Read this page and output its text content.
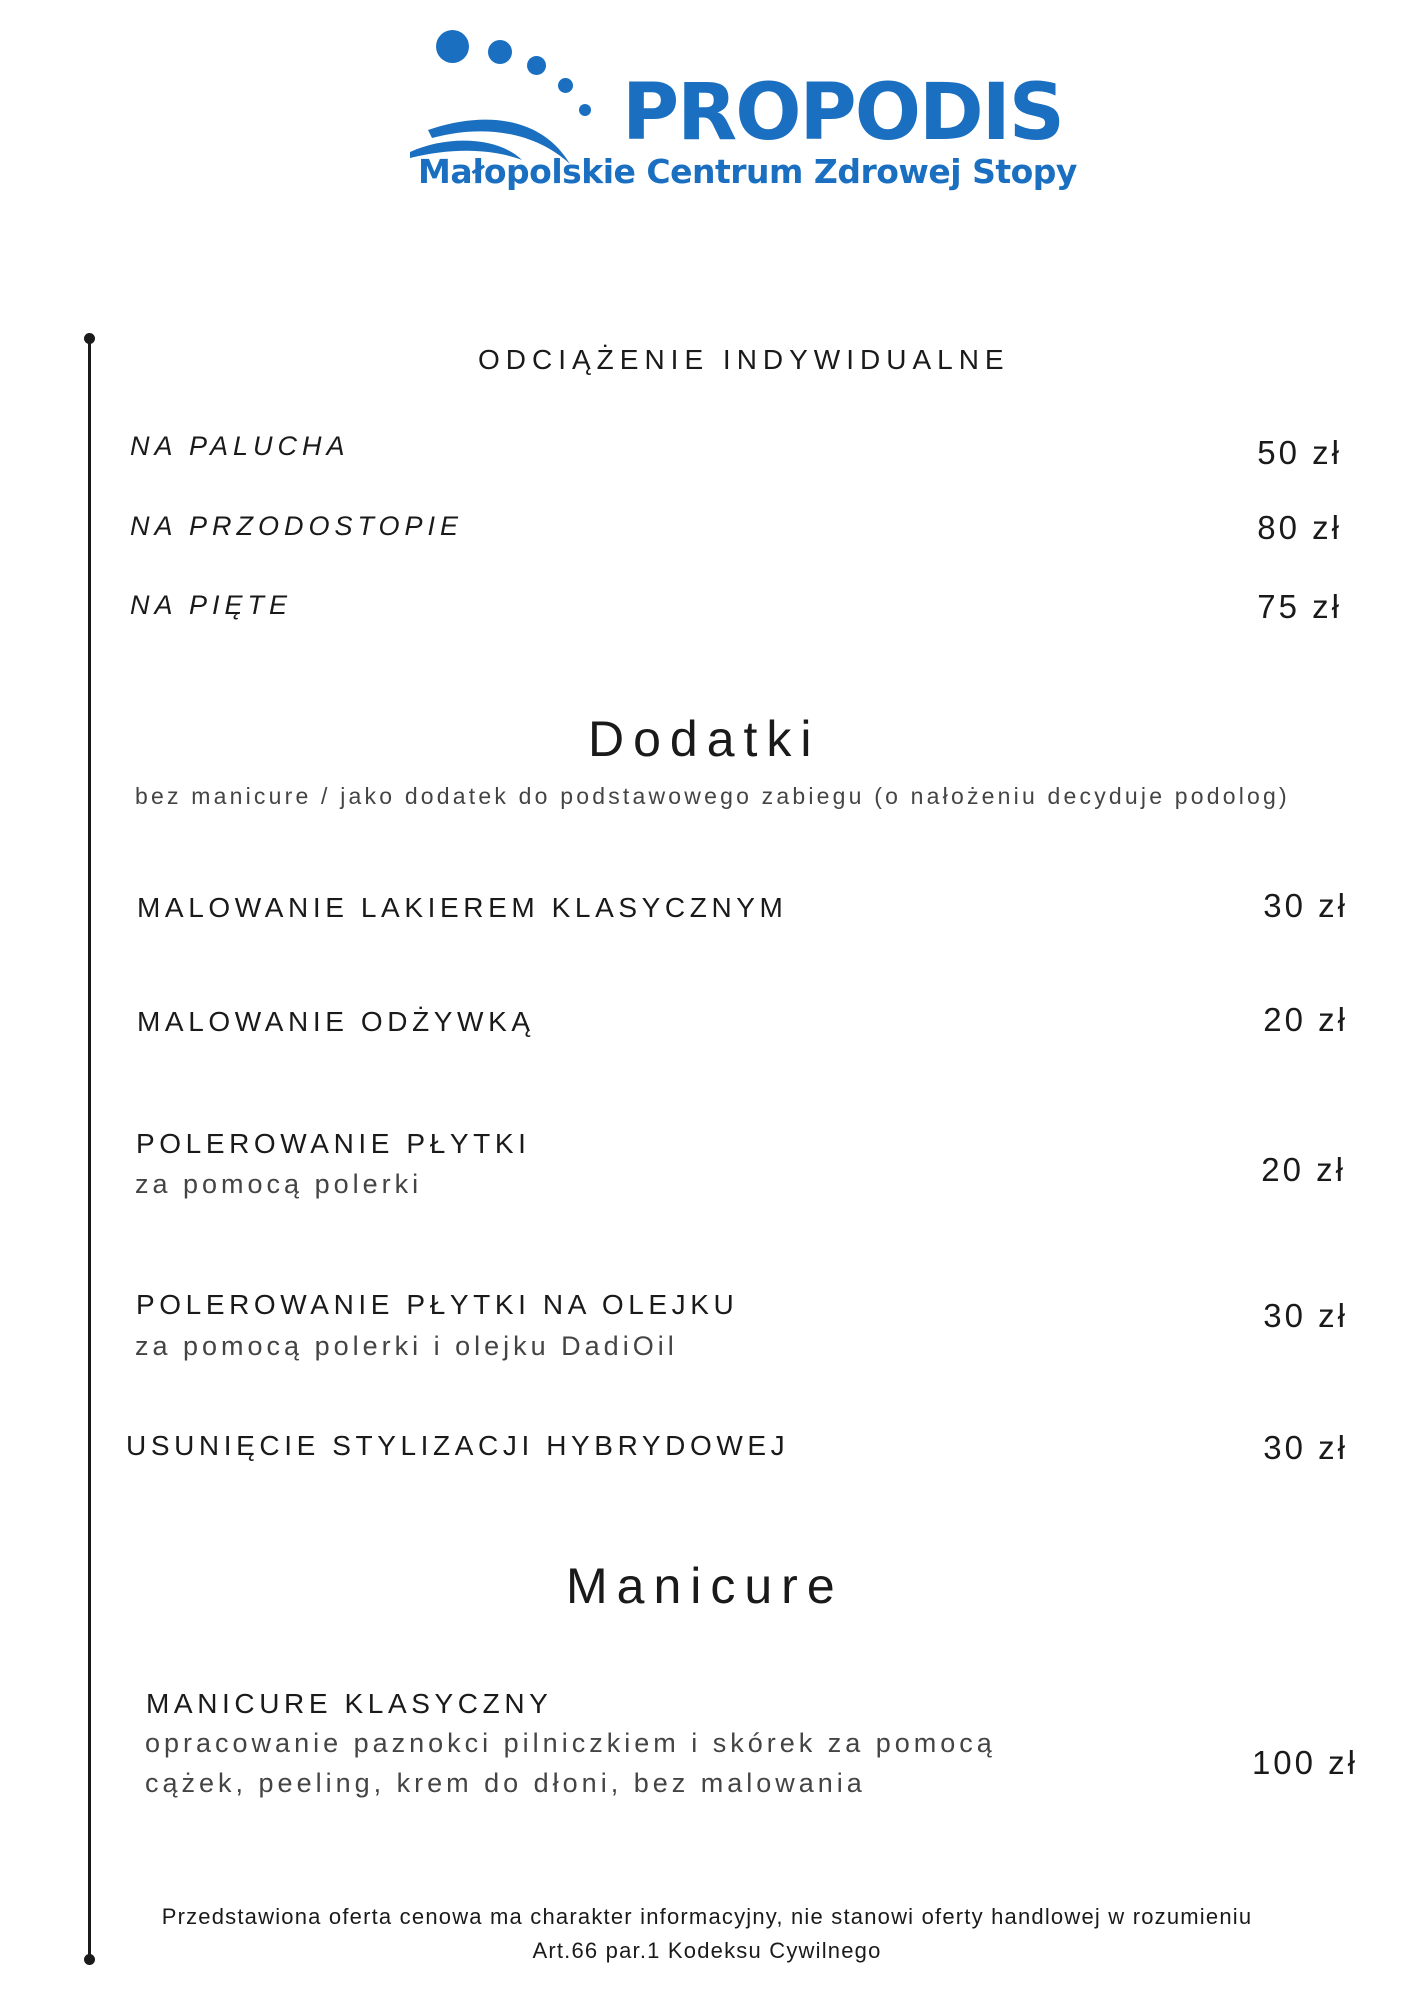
PROPODIS
Małopolskie Centrum Zdrowej Stopy
ODCIĄŻENIE INDYWIDUALNE
NA PALUCHA	50 zł
NA PRZODOSTOPIE	80 zł
NA PIĘTE	75 zł
Dodatki
bez manicure / jako dodatek do podstawowego zabiegu (o nałożeniu decyduje podolog)
MALOWANIE LAKIEREM KLASYCZNYM	30 zł
MALOWANIE ODŻYWKĄ	20 zł
POLEROWANIE PŁYTKI
za pomocą polerki	20 zł
POLEROWANIE PŁYTKI NA OLEJKU
za pomocą polerki i olejku DadiOil
30 zł
USUNIĘCIE STYLIZACJI HYBRYDOWEJ	30 zł
Manicure
MANICURE KLASYCZNY
opracowanie paznokci pilniczkiem i skórek za pomocą
cążek, peeling, krem do dłoni, bez malowania
100 zł
Przedstawiona oferta cenowa ma charakter informacyjny, nie stanowi oferty handlowej w rozumieniu
Art.66 par.1 Kodeksu Cywilnego
